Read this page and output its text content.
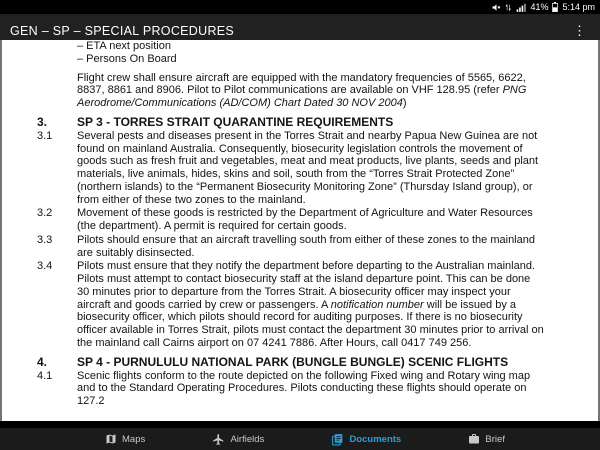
41% 5:14 pm
GEN – SP – SPECIAL PROCEDURES	⋮
– ETA next position
– Persons On Board
Flight crew shall ensure aircraft are equipped with the mandatory frequencies of 5565, 6622, 8837, 8861 and 8906. Pilot to Pilot communications are available on VHF 128.95 (refer PNG Aerodrome/Communications (AD/COM) Chart Dated 30 NOV 2004)
3.	SP 3 - TORRES STRAIT QUARANTINE REQUIREMENTS
3.1	Several pests and diseases present in the Torres Strait and nearby Papua New Guinea are not found on mainland Australia. Consequently, biosecurity legislation controls the movement of goods such as fresh fruit and vegetables, meat and meat products, live plants, seeds and plant materials, live animals, hides, skins and soil, south from the “Torres Strait Protected Zone” (northern islands) to the “Permanent Biosecurity Monitoring Zone” (Thursday Island group), or from either of these two zones to the mainland.
3.2	Movement of these goods is restricted by the Department of Agriculture and Water Resources (the department). A permit is required for certain goods.
3.3	Pilots should ensure that an aircraft travelling south from either of these zones to the mainland are suitably disinsected.
3.4	Pilots must ensure that they notify the department before departing to the Australian mainland. Pilots must attempt to contact biosecurity staff at the island departure point. This can be done 30 minutes prior to departure from the Torres Strait. A biosecurity officer may inspect your aircraft and goods carried by crew or passengers. A notification number will be issued by a biosecurity officer, which pilots should record for auditing purposes. If there is no biosecurity officer available in Torres Strait, pilots must contact the department 30 minutes prior to arrival on the mainland call Cairns airport on 07 4241 7886. After Hours, call 0417 749 256.
4.	SP 4 - PURNULULU NATIONAL PARK (BUNGLE BUNGLE) SCENIC FLIGHTS
4.1	Scenic flights conform to the route depicted on the following Fixed wing and Rotary wing map and to the Standard Operating Procedures. Pilots conducting these flights should operate on 127.2
Maps	Airfields	Documents	Brief
